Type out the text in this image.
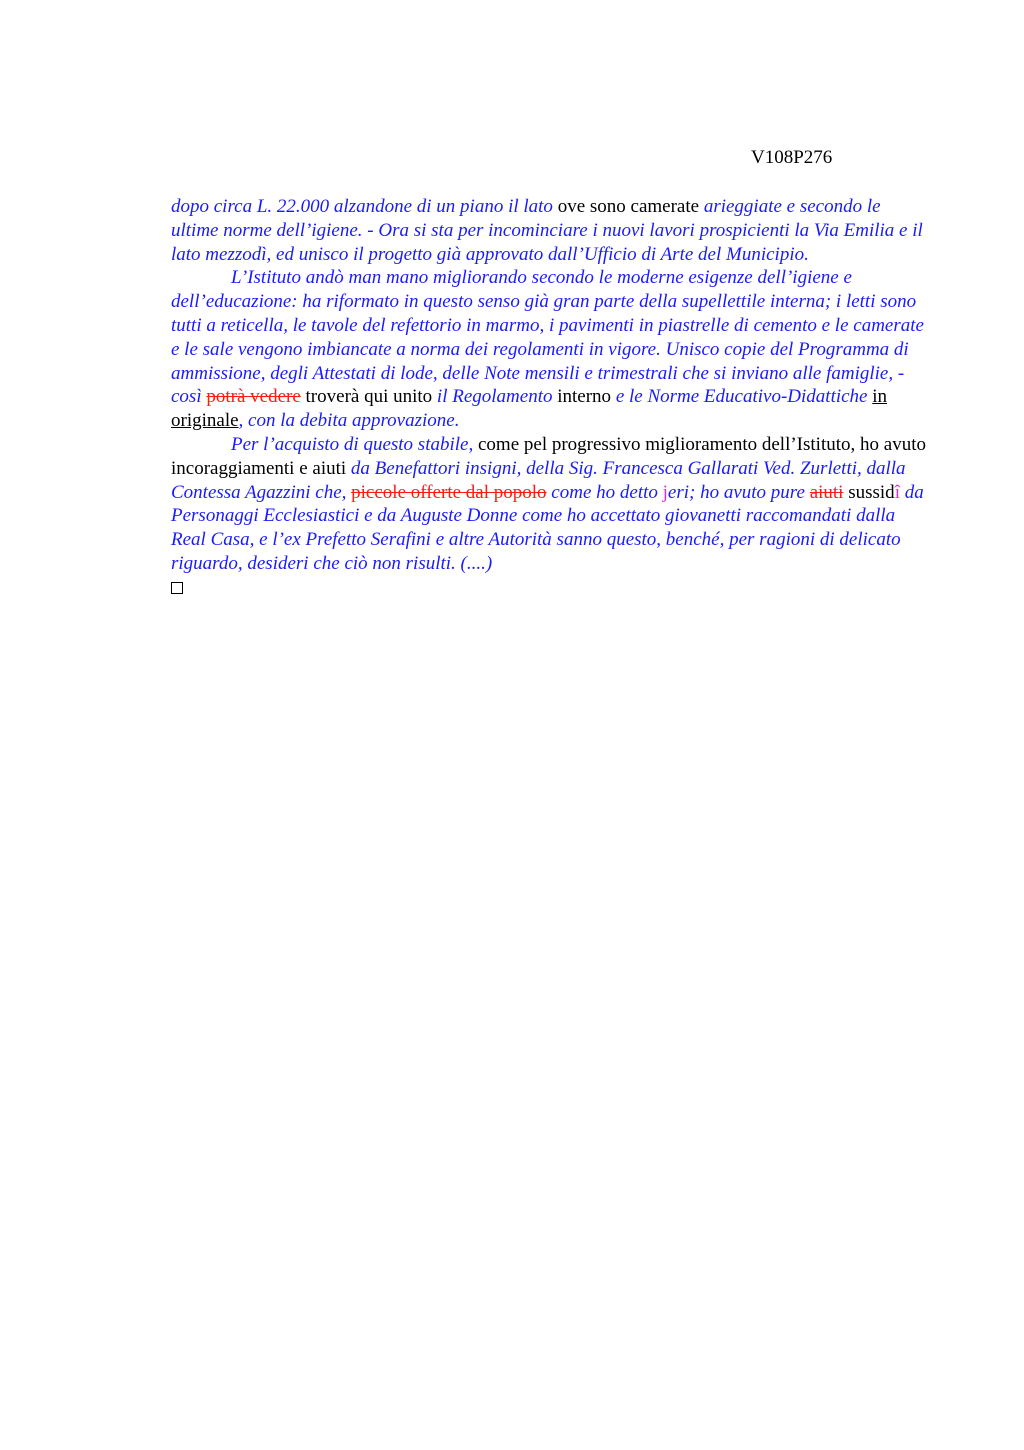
V108P276

dopo circa L. 22.000 alzandone di un piano il lato ove sono camerate arieggiate e secondo le ultime norme dell’igiene. - Ora si sta per incominciare i nuovi lavori prospicienti la Via Emilia e il lato mezzodì, ed unisco il progetto già approvato dall’Ufficio di Arte del Municipio.

L’Istituto andò man mano migliorando secondo le moderne esigenze dell’igiene e dell’educazione: ha riformato in questo senso già gran parte della supellettile interna; i letti sono tutti a reticella, le tavole del refettorio in marmo, i pavimenti in piastrelle di cemento e le camerate e le sale vengono imbiancate a norma dei regolamenti in vigore. Unisco copie del Programma di ammissione, degli Attestati di lode, delle Note mensili e trimestrali che si inviano alle famiglie, - così potrà vedere troverà qui unito il Regolamento interno e le Norme Educativo-Didattiche in originale, con la debita approvazione.

Per l’acquisto di questo stabile, come pel progressivo miglioramento dell’Istituto, ho avuto incoraggiamenti e aiuti da Benefattori insigni, della Sig. Francesca Gallarati Ved. Zurletti, dalla Contessa Agazzini che, piccole offerte dal popolo come ho detto jeri; ho avuto pure aiuti sussidî da Personaggi Ecclesiastici e da Auguste Donne come ho accettato giovanetti raccomandati dalla Real Casa, e l’ex Prefetto Serafini e altre Autorità sanno questo, benché, per ragioni di delicato riguardo, desideri che ciò non risulti. (....)
